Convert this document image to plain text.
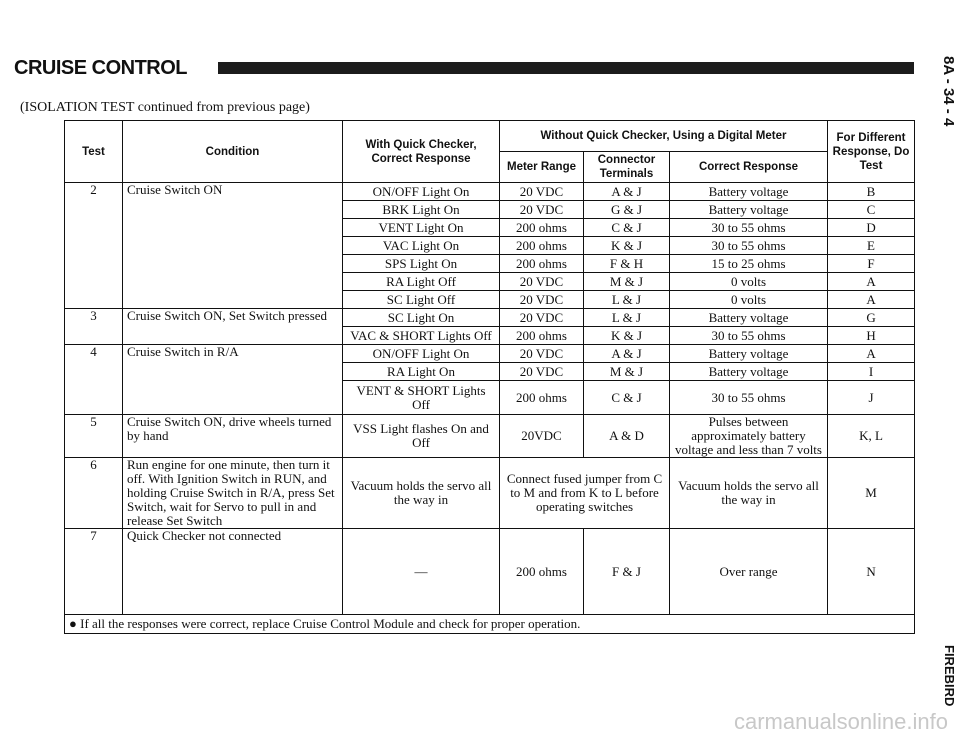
CRUISE CONTROL	8A - 34 - 4
FIREBIRD
(ISOLATION TEST continued from previous page)
Test	Condition	With Quick Checker, Correct Response	Without Quick Checker, Using a Digital Meter			For Different Response, Do Test
			Meter Range	Connector Terminals	Correct Response	
2	Cruise Switch ON	ON/OFF Light On	20 VDC	A & J	Battery voltage	B
		BRK Light On	20 VDC	G & J	Battery voltage	C
		VENT Light On	200 ohms	C & J	30 to 55 ohms	D
		VAC Light On	200 ohms	K & J	30 to 55 ohms	E
		SPS Light On	200 ohms	F & H	15 to 25 ohms	F
		RA Light Off	20 VDC	M & J	0 volts	A
		SC Light Off	20 VDC	L & J	0 volts	A
3	Cruise Switch ON, Set Switch pressed	SC Light On	20 VDC	L & J	Battery voltage	G
		VAC & SHORT Lights Off	200 ohms	K & J	30 to 55 ohms	H
4	Cruise Switch in R/A	ON/OFF Light On	20 VDC	A & J	Battery voltage	A
		RA Light On	20 VDC	M & J	Battery voltage	I
		VENT & SHORT Lights Off	200 ohms	C & J	30 to 55 ohms	J
5	Cruise Switch ON, drive wheels turned by hand	VSS Light flashes On and Off	20VDC	A & D	Pulses between approximately battery voltage and less than 7 volts	K, L
6	Run engine for one minute, then turn it off. With Ignition Switch in RUN, and holding Cruise Switch in R/A, press Set Switch, wait for Servo to pull in and release Set Switch	Vacuum holds the servo all the way in	Connect fused jumper from C to M and from K to L before operating switches		Vacuum holds the servo all the way in	M
7	Quick Checker not connected	—	200 ohms	F & J	Over range	N
● If all the responses were correct, replace Cruise Control Module and check for proper operation.						
carmanualsonline.info
